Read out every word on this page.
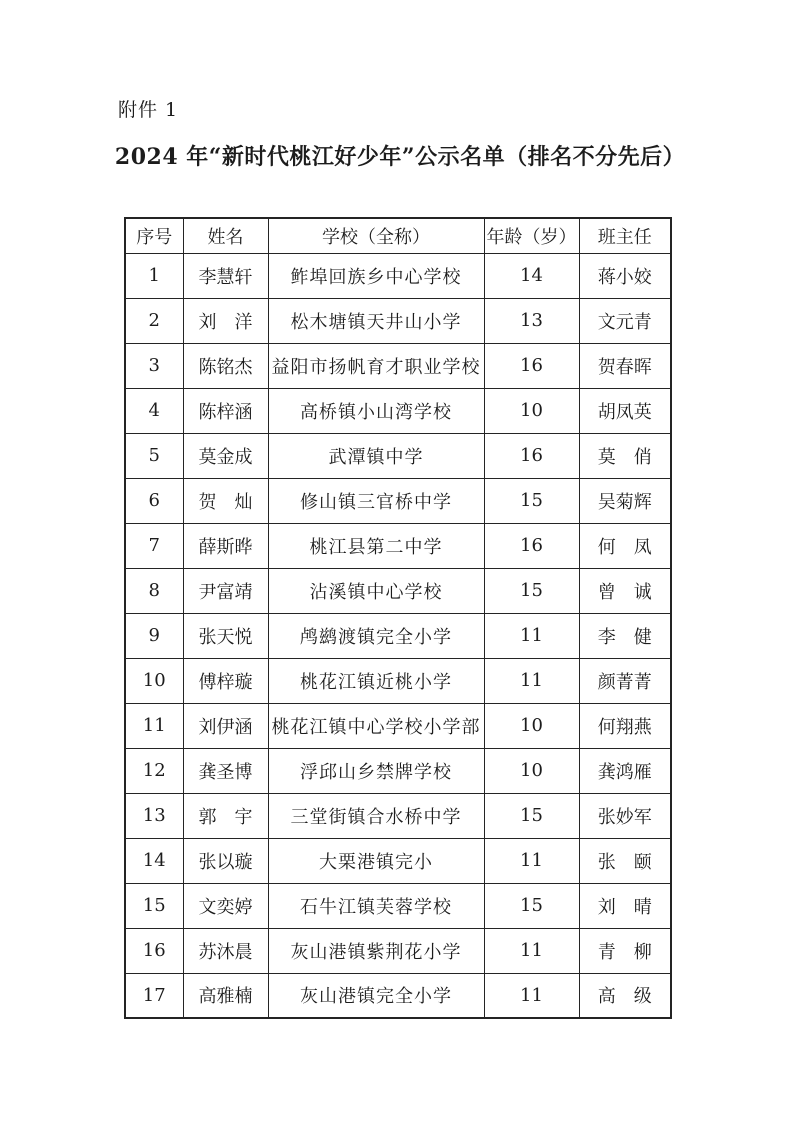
附件 1
2024 年“新时代桃江好少年”公示名单（排名不分先后）
序号	姓名	学校（全称）	年龄（岁）	班主任
1	李慧轩	鲊埠回族乡中心学校	14	蒋小姣
2	刘　洋	松木塘镇天井山小学	13	文元青
3	陈铭杰	益阳市扬帆育才职业学校	16	贺春晖
4	陈梓涵	高桥镇小山湾学校	10	胡凤英
5	莫金成	武潭镇中学	16	莫　俏
6	贺　灿	修山镇三官桥中学	15	吴菊辉
7	薛斯晔	桃江县第二中学	16	何　凤
8	尹富靖	沾溪镇中心学校	15	曾　诚
9	张天悦	鸬鹚渡镇完全小学	11	李　健
10	傅梓璇	桃花江镇近桃小学	11	颜菁菁
11	刘伊涵	桃花江镇中心学校小学部	10	何翔燕
12	龚圣博	浮邱山乡禁牌学校	10	龚鸿雁
13	郭　宇	三堂街镇合水桥中学	15	张妙军
14	张以璇	大栗港镇完小	11	张　颐
15	文奕婷	石牛江镇芙蓉学校	15	刘　晴
16	苏沐晨	灰山港镇紫荆花小学	11	青　柳
17	高雅楠	灰山港镇完全小学	11	高　级
